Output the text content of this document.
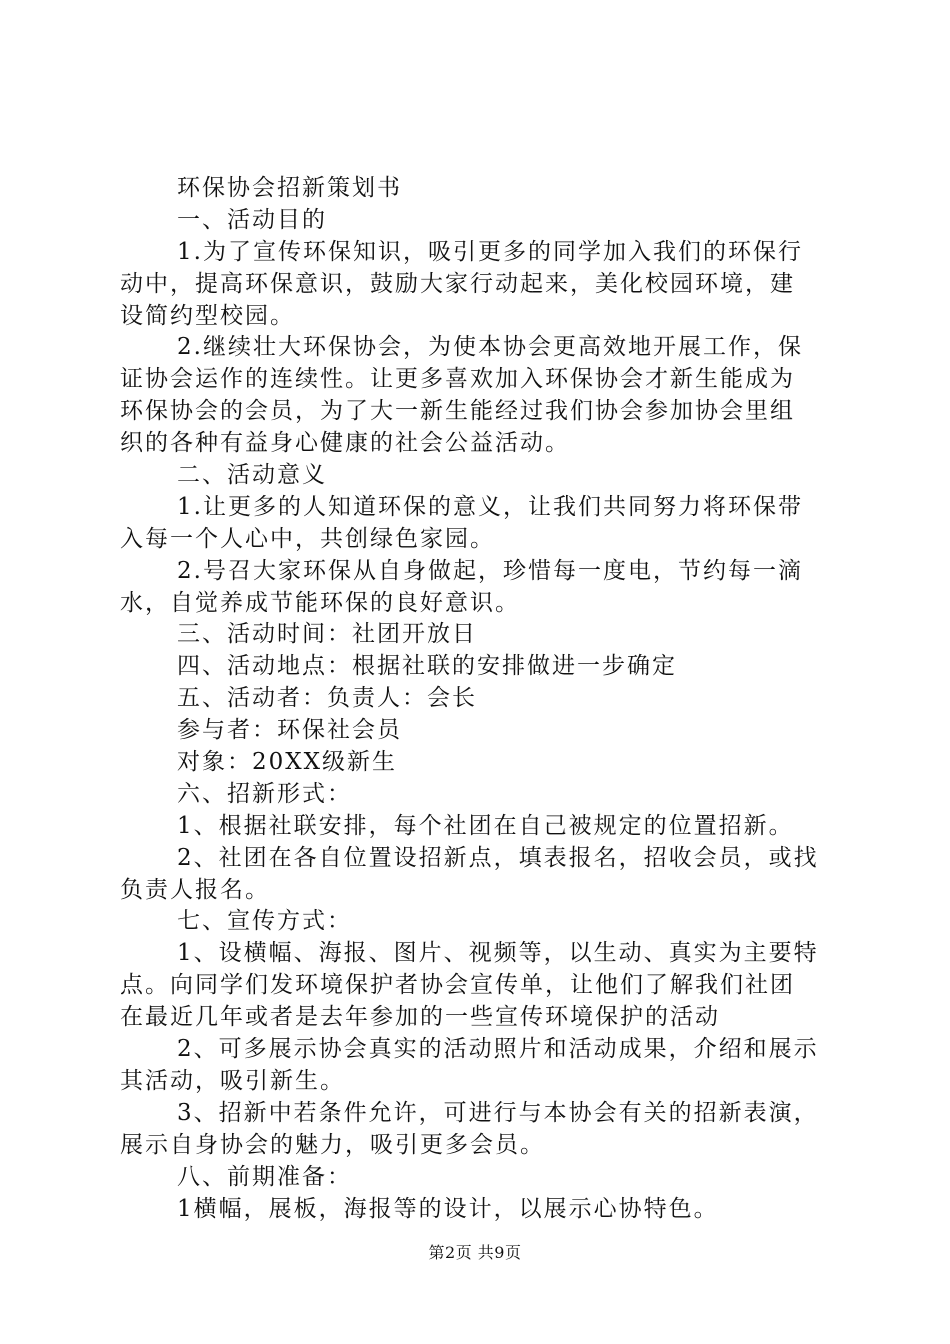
环保协会招新策划书
一、活动目的
1.为了宣传环保知识，吸引更多的同学加入我们的环保行
动中，提高环保意识，鼓励大家行动起来，美化校园环境，建
设简约型校园。
2.继续壮大环保协会，为使本协会更高效地开展工作，保
证协会运作的连续性。让更多喜欢加入环保协会才新生能成为
环保协会的会员，为了大一新生能经过我们协会参加协会里组
织的各种有益身心健康的社会公益活动。
二、活动意义
1.让更多的人知道环保的意义，让我们共同努力将环保带
入每一个人心中，共创绿色家园。
2.号召大家环保从自身做起，珍惜每一度电，节约每一滴
水，自觉养成节能环保的良好意识。
三、活动时间：社团开放日
四、活动地点：根据社联的安排做进一步确定
五、活动者：负责人：会长
参与者：环保社会员
对象：20XX级新生
六、招新形式：
1、根据社联安排，每个社团在自己被规定的位置招新。
2、社团在各自位置设招新点，填表报名，招收会员，或找
负责人报名。
七、宣传方式：
1、设横幅、海报、图片、视频等，以生动、真实为主要特
点。向同学们发环境保护者协会宣传单，让他们了解我们社团
在最近几年或者是去年参加的一些宣传环境保护的活动
2、可多展示协会真实的活动照片和活动成果，介绍和展示
其活动，吸引新生。
3、招新中若条件允许，可进行与本协会有关的招新表演，
展示自身协会的魅力，吸引更多会员。
八、前期准备：
1横幅，展板，海报等的设计，以展示心协特色。
第2页 共9页
